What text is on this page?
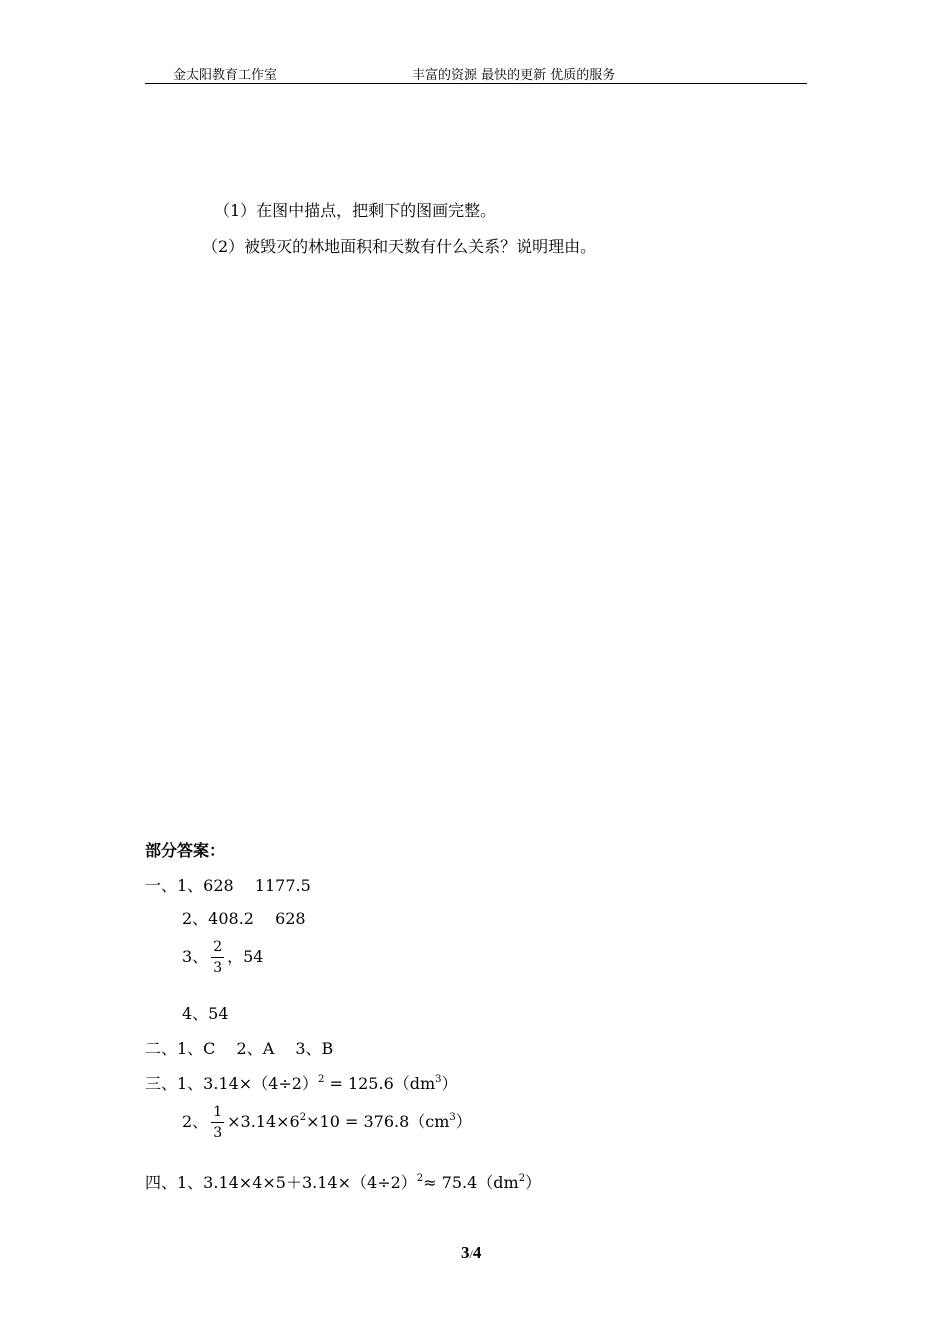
金太阳教育工作室	丰富的资源 最快的更新 优质的服务
（1）在图中描点，把剩下的图画完整。
（2）被毁灭的林地面积和天数有什么关系？说明理由。
部分答案：
一、1、628　 1177.5
2、408.2　 628
3、 $\frac{2}{3}$ ，54
4、54
二、1、C　 2、A　 3、B
三、1、$3.14\times(4\div 2)^2 = 125.6(dm^3)$
2、 $\frac{1}{3} \times 3.14\times 6^2\times 10 = 376.8(cm^3)$
四、1、$3.14\times 4\times 5+3.14\times(4\div 2)^2\approx 75.4(dm^2)$
3/4
